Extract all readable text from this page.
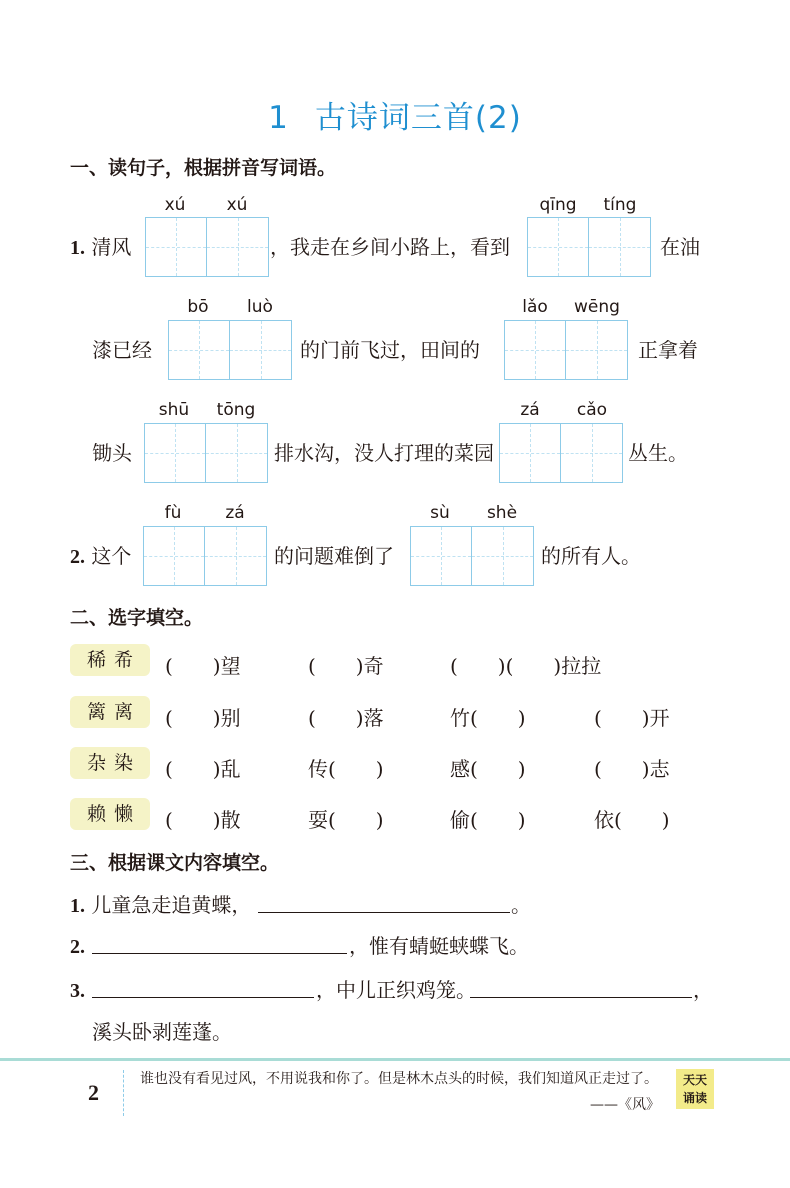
1 古诗词三首(2)
一、读句子，根据拼音写词语。
xú	xú	qīng	tíng
1. 清风	，我走在乡间小路上，看到	在油
bō	luò	lǎo	wēng
漆已经	的门前飞过，田间的	正拿着
shū	tōng	zá	cǎo
锄头	排水沟，没人打理的菜园	丛生。
fù	zá	sù	shè
2. 这个	的问题难倒了	的所有人。
二、选字填空。
稀希	(　　)望	(　　)奇	(　　)(　　)拉拉
篱离	(　　)别	(　　)落	竹(　　)	(　　)开
杂染	(　　)乱	传(　　)	感(　　)	(　　)志
赖懒	(　　)散	耍(　　)	偷(　　)	依(　　)
三、根据课文内容填空。
1. 儿童急走追黄蝶，	。
2.	，惟有蜻蜓蛱蝶飞。
3.	，中儿正织鸡笼。	，
溪头卧剥莲蓬。
2
谁也没有看见过风，不用说我和你了。但是林木点头的时候，我们知道风正走过了。
——《风》
天天
诵读
